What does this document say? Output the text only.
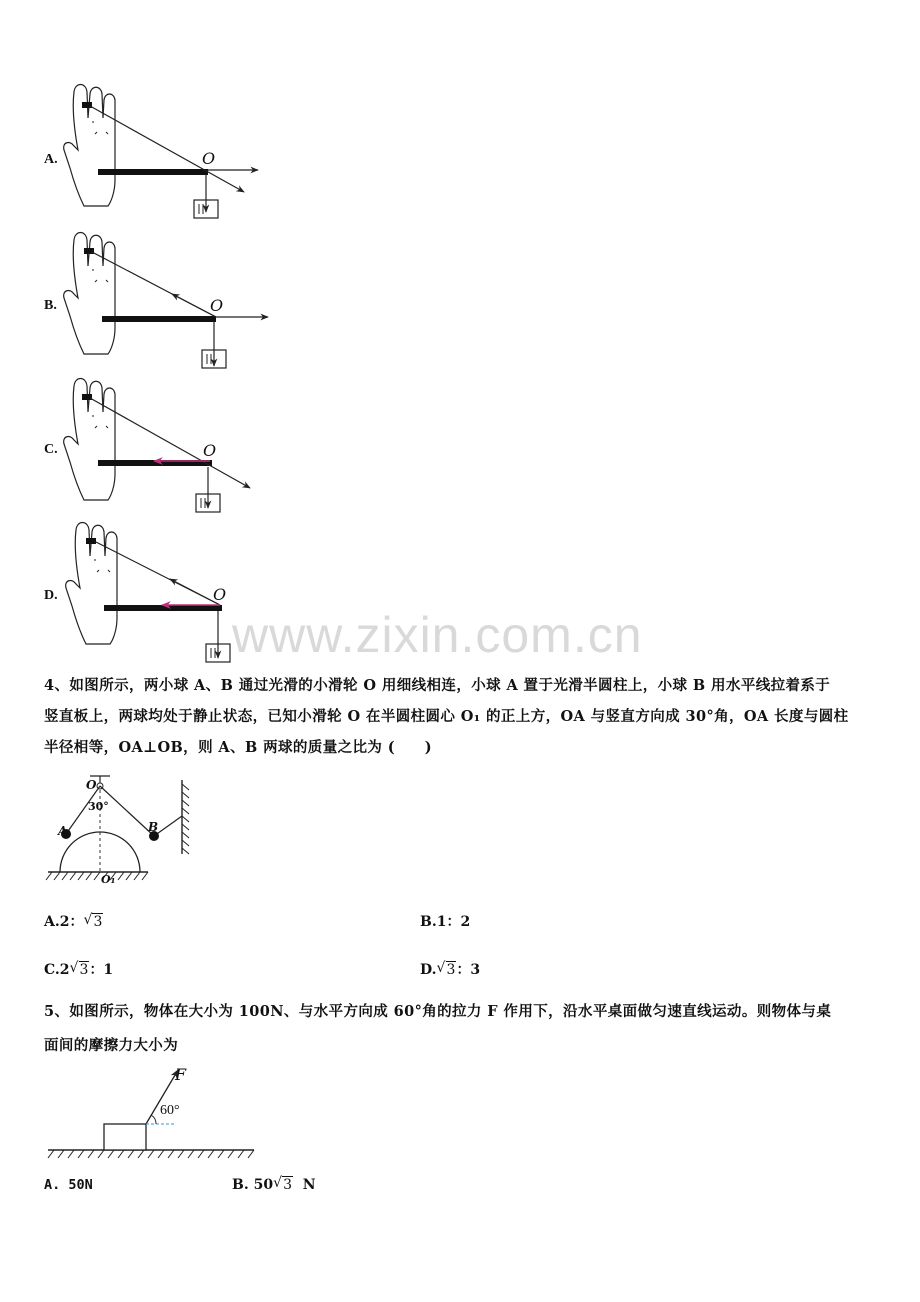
A.	O
B.	O
C.	O
D.	O
www.zixin.com.cn
4、如图所示，两小球 A、B 通过光滑的小滑轮 O 用细线相连，小球 A 置于光滑半圆柱上，小球 B 用水平线拉着系于
竖直板上，两球均处于静止状态，已知小滑轮 O 在半圆柱圆心 O₁ 的正上方，OA 与竖直方向成 30°角，OA 长度与圆柱
半径相等，OA⊥OB，则 A、B 两球的质量之比为 (　　)
O
30°
A	B
O₁
A.2： √ 3	B.1：2
C.2 √ 3：1	D. √ 3：3
5、如图所示，物体在大小为 100N、与水平方向成 60°角的拉力 F 作用下，沿水平桌面做匀速直线运动。则物体与桌
面间的摩擦力大小为
F
60°
A. 50N	B. 50 √ 3 N
